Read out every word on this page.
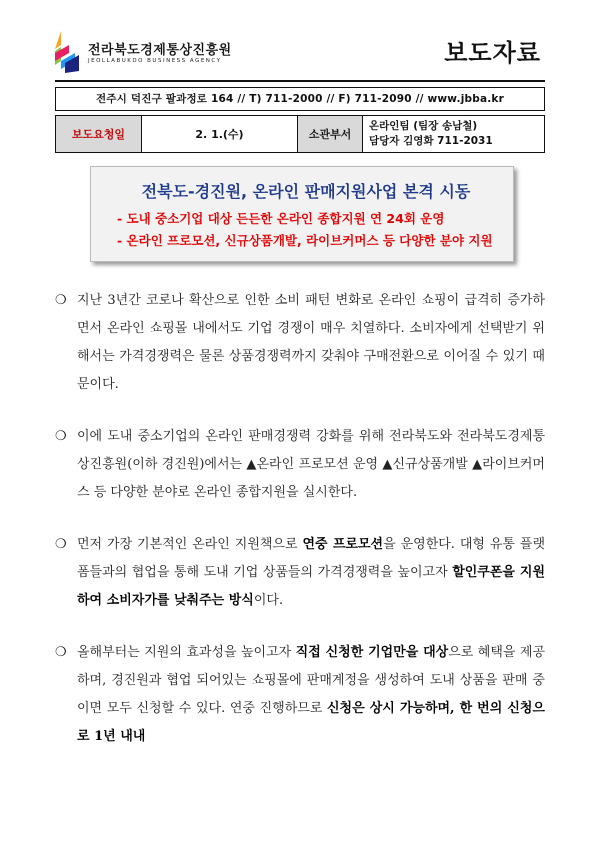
전라북도경제통상진흥원
JEOLLABUKDO BUSINESS AGENCY	보도자료
전주시 덕진구 팔과정로 164 // T) 711-2000 // F) 711-2090 // www.jbba.kr
보도요청일	2. 1.(수)	소관부서
온라인팀 (팀장 송남철)
담당자 김영화 711-2031
전북도-경진원, 온라인 판매지원사업 본격 시동
- 도내 중소기업 대상 든든한 온라인 종합지원 연 24회 운영
- 온라인 프로모션, 신규상품개발, 라이브커머스 등 다양한 분야 지원
❍ 지난 3년간 코로나 확산으로 인한 소비 패턴 변화로 온라인 쇼핑이 급격히 증가하면서 온라인 쇼핑몰 내에서도 기업 경쟁이 매우 치열하다. 소비자에게 선택받기 위해서는 가격경쟁력은 물론 상품경쟁력까지 갖춰야 구매전환으로 이어질 수 있기 때문이다.
❍ 이에 도내 중소기업의 온라인 판매경쟁력 강화를 위해 전라북도와 전라북도경제통상진흥원(이하 경진원)에서는 ▲온라인 프로모션 운영 ▲신규상품개발 ▲라이브커머스 등 다양한 분야로 온라인 종합지원을 실시한다.
❍ 먼저 가장 기본적인 온라인 지원책으로 연중 프로모션을 운영한다. 대형 유통 플랫폼들과의 협업을 통해 도내 기업 상품들의 가격경쟁력을 높이고자 할인쿠폰을 지원하여 소비자가를 낮춰주는 방식이다.
❍ 올해부터는 지원의 효과성을 높이고자 직접 신청한 기업만을 대상으로 혜택을 제공하며, 경진원과 협업 되어있는 쇼핑몰에 판매계정을 생성하여 도내 상품을 판매 중이면 모두 신청할 수 있다. 연중 진행하므로 신청은 상시 가능하며, 한 번의 신청으로 1년 내내
